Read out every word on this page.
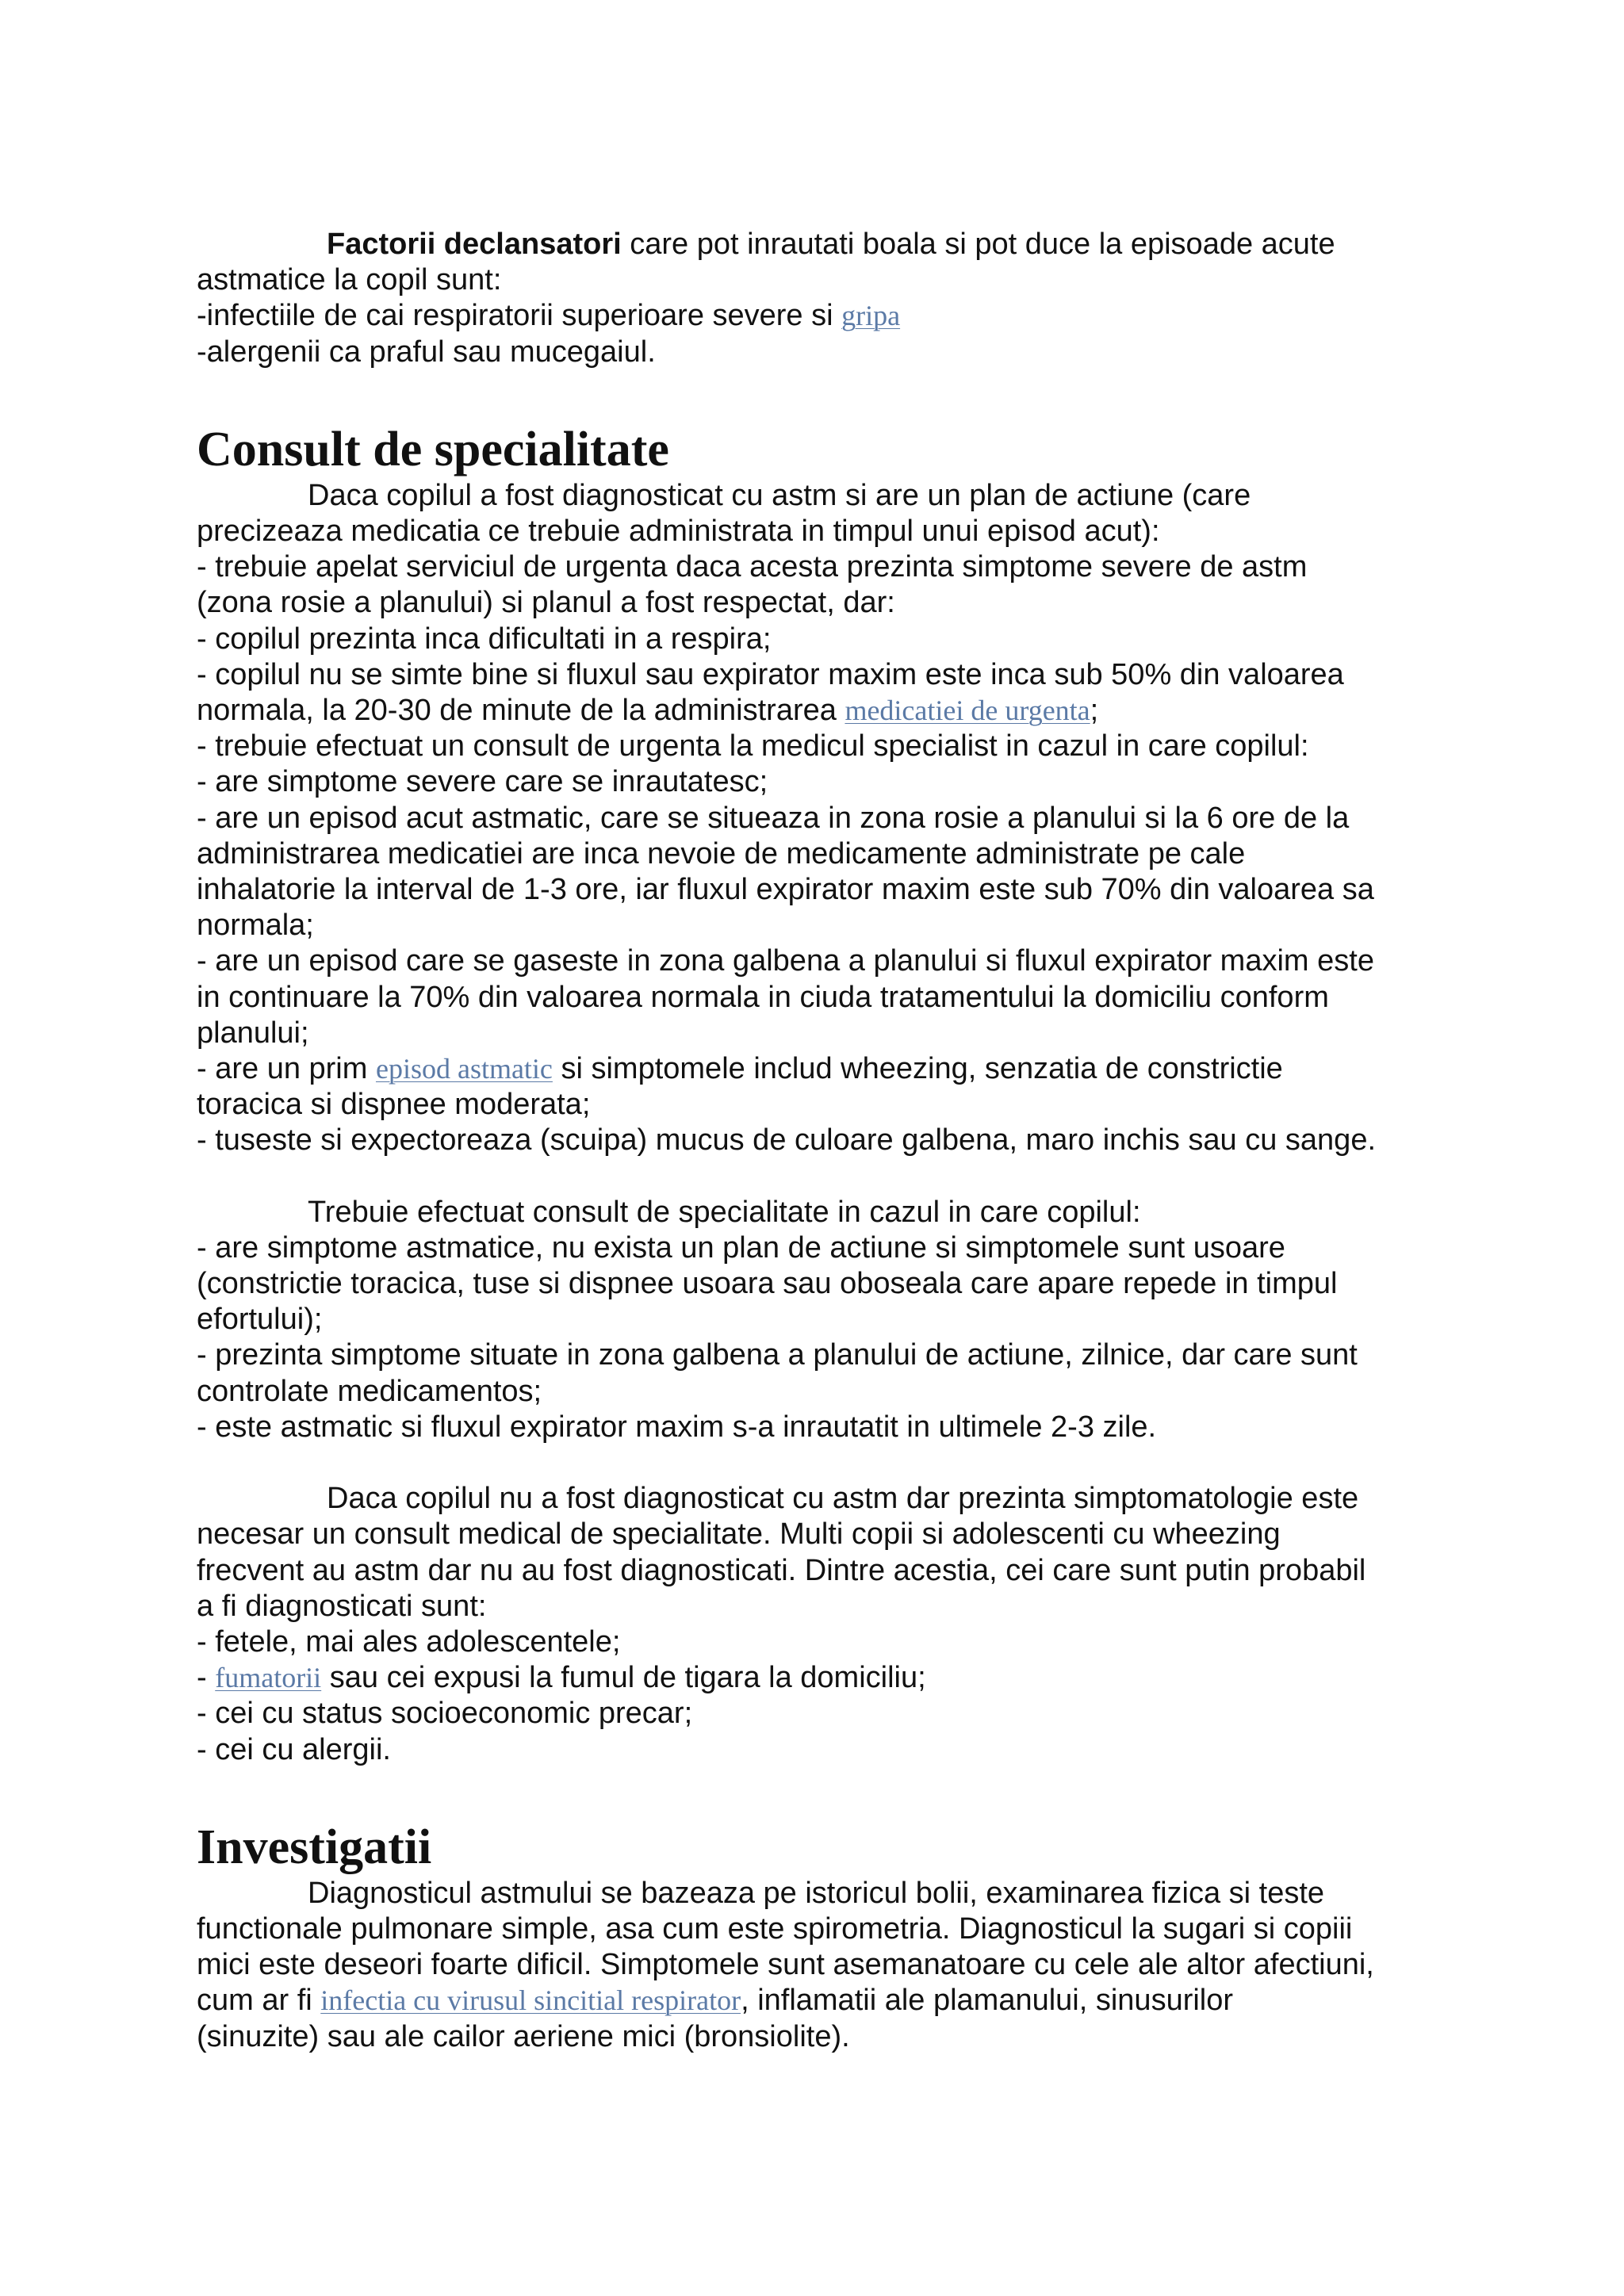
Factorii declansatori care pot inrautati boala si pot duce la episoade acute

astmatice la copil sunt:

-infectiile de cai respiratorii superioare severe si gripa

-alergenii ca praful sau mucegaiul.

Consult de specialitate

Daca copilul a fost diagnosticat cu astm si are un plan de actiune (care

precizeaza medicatia ce trebuie administrata in timpul unui episod acut):

- trebuie apelat serviciul de urgenta daca acesta prezinta simptome severe de astm

(zona rosie a planului) si planul a fost respectat, dar:

- copilul prezinta inca dificultati in a respira;

- copilul nu se simte bine si fluxul sau expirator maxim este inca sub 50% din valoarea

normala, la 20-30 de minute de la administrarea medicatiei de urgenta;

- trebuie efectuat un consult de urgenta la medicul specialist in cazul in care copilul:

- are simptome severe care se inrautatesc;

- are un episod acut astmatic, care se situeaza in zona rosie a planului si la 6 ore de la

administrarea medicatiei are inca nevoie de medicamente administrate pe cale

inhalatorie la interval de 1-3 ore, iar fluxul expirator maxim este sub 70% din valoarea sa

normala;

- are un episod care se gaseste in zona galbena a planului si fluxul expirator maxim este

in continuare la 70% din valoarea normala in ciuda tratamentului la domiciliu conform

planului;

- are un prim episod astmatic si simptomele includ wheezing, senzatia de constrictie

toracica si dispnee moderata;

- tuseste si expectoreaza (scuipa) mucus de culoare galbena, maro inchis sau cu sange.

Trebuie efectuat consult de specialitate in cazul in care copilul:

- are simptome astmatice, nu exista un plan de actiune si simptomele sunt usoare

(constrictie toracica, tuse si dispnee usoara sau oboseala care apare repede in timpul

efortului);

- prezinta simptome situate in zona galbena a planului de actiune, zilnice, dar care sunt

controlate medicamentos;

- este astmatic si fluxul expirator maxim s-a inrautatit in ultimele 2-3 zile.

Daca copilul nu a fost diagnosticat cu astm dar prezinta simptomatologie este

necesar un consult medical de specialitate. Multi copii si adolescenti cu wheezing

frecvent au astm dar nu au fost diagnosticati. Dintre acestia, cei care sunt putin probabil

a fi diagnosticati sunt:

- fetele, mai ales adolescentele;

- fumatorii sau cei expusi la fumul de tigara la domiciliu;

- cei cu status socioeconomic precar;

- cei cu alergii.

Investigatii

Diagnosticul astmului se bazeaza pe istoricul bolii, examinarea fizica si teste

functionale pulmonare simple, asa cum este spirometria. Diagnosticul la sugari si copiii

mici este deseori foarte dificil. Simptomele sunt asemanatoare cu cele ale altor afectiuni,

cum ar fi infectia cu virusul sincitial respirator, inflamatii ale plamanului, sinusurilor

(sinuzite) sau ale cailor aeriene mici (bronsiolite).
